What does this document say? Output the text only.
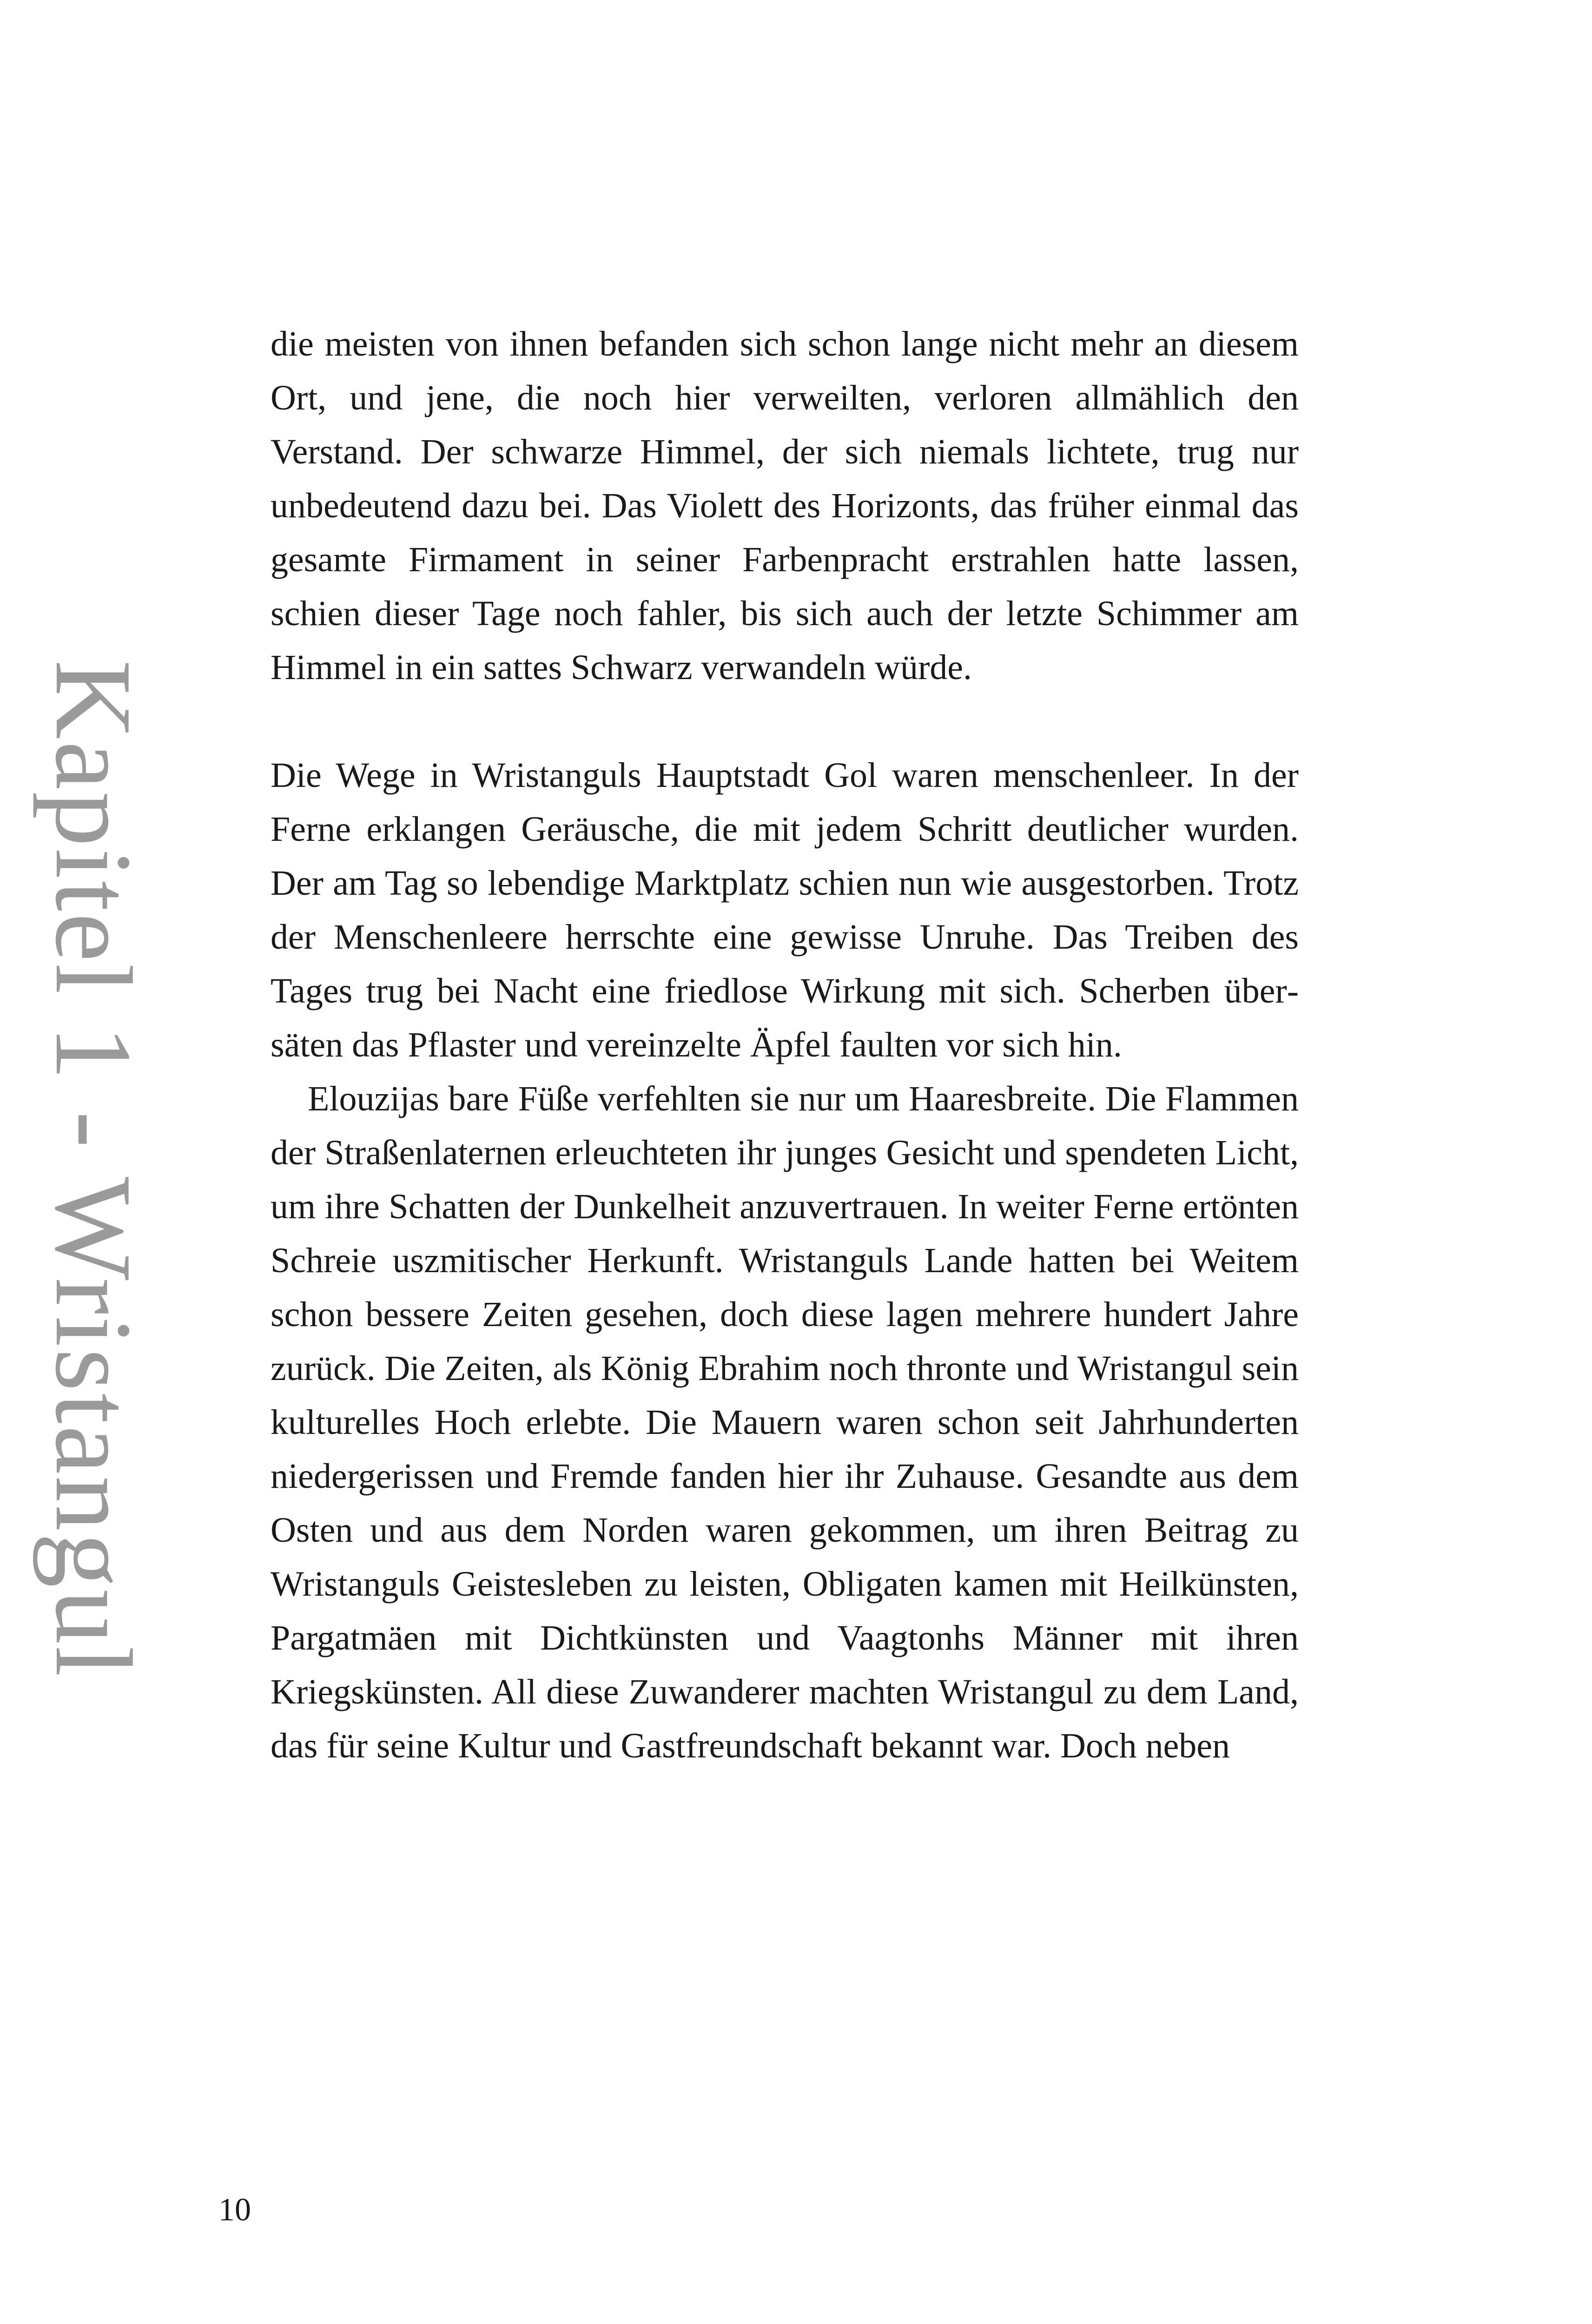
Kapitel 1 - Wristangul

die meisten von ihnen befanden sich schon lange nicht mehr an diesem Ort, und jene, die noch hier verweilten, verloren allmählich den Verstand. Der schwarze Himmel, der sich niemals lichtete, trug nur unbedeutend dazu bei. Das Violett des Horizonts, das früher einmal das gesamte Firmament in seiner Farbenpracht erstrahlen hatte lassen, schien dieser Tage noch fahler, bis sich auch der letzte Schimmer am Himmel in ein sattes Schwarz verwandeln würde.

Die Wege in Wristanguls Hauptstadt Gol waren menschenleer. In der Ferne erklangen Geräusche, die mit jedem Schritt deutlicher wurden. Der am Tag so lebendige Marktplatz schien nun wie ausgestorben. Trotz der Menschenleere herrschte eine gewisse Unruhe. Das Treiben des Tages trug bei Nacht eine friedlose Wirkung mit sich. Scherben übersäten das Pflaster und vereinzelte Äpfel faulten vor sich hin.

Elouzijas bare Füße verfehlten sie nur um Haaresbreite. Die Flammen der Straßenlaternen erleuchteten ihr junges Gesicht und spendeten Licht, um ihre Schatten der Dunkelheit anzuvertrauen. In weiter Ferne ertönten Schreie uszmitischer Herkunft. Wristanguls Lande hatten bei Weitem schon bessere Zeiten gesehen, doch diese lagen mehrere hundert Jahre zurück. Die Zeiten, als König Ebrahim noch thronte und Wristangul sein kulturelles Hoch erlebte. Die Mauern waren schon seit Jahrhunderten niedergerissen und Fremde fanden hier ihr Zuhause. Gesandte aus dem Osten und aus dem Norden waren gekommen, um ihren Beitrag zu Wristanguls Geistesleben zu leisten, Obligaten kamen mit Heilkünsten, Pargatmäen mit Dichtkünsten und Vaagtonhs Männer mit ihren Kriegskünsten. All diese Zuwanderer machten Wristangul zu dem Land, das für seine Kultur und Gastfreundschaft bekannt war. Doch neben

10
